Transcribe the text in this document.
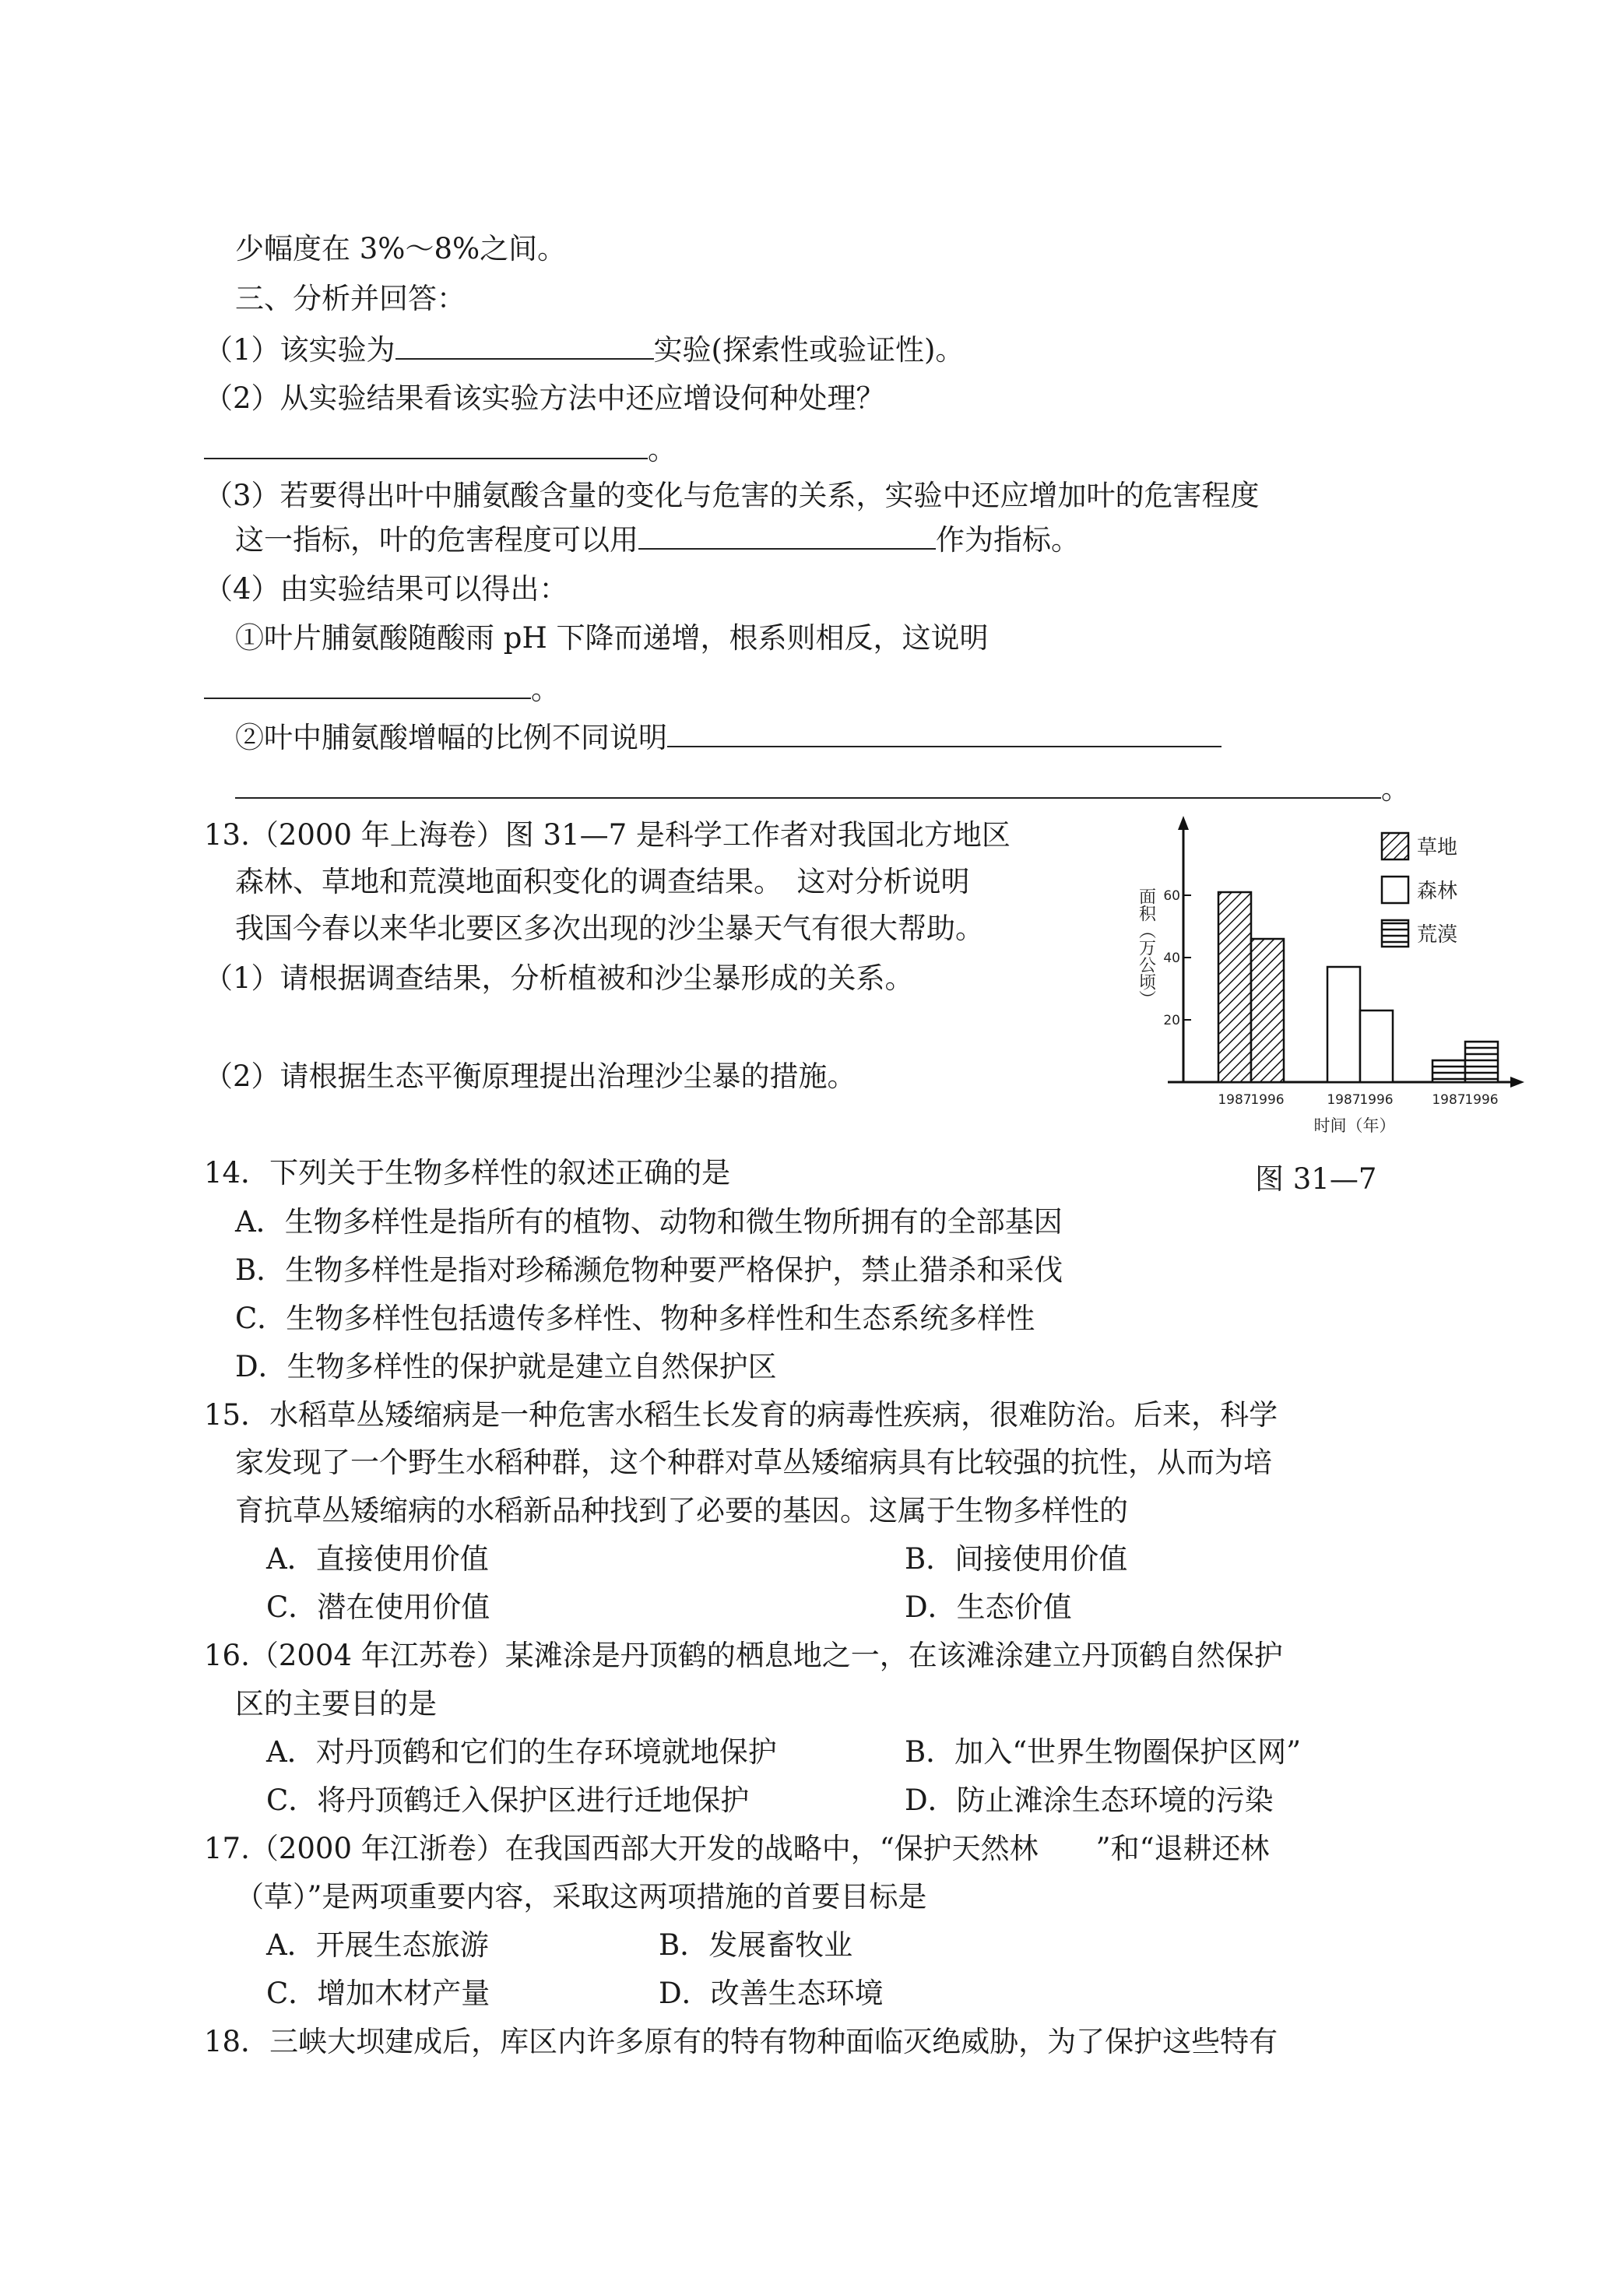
少幅度在 3%～8%之间。
三、分析并回答：
（1）该实验为	实验(探索性或验证性)。
（2）从实验结果看该实验方法中还应增设何种处理？
。
（3）若要得出叶中脯氨酸含量的变化与危害的关系，实验中还应增加叶的危害程度
这一指标，叶的危害程度可以用	作为指标。
（4）由实验结果可以得出：
①叶片脯氨酸随酸雨 pH 下降而递增，根系则相反，这说明
。
②叶中脯氨酸增幅的比例不同说明
。
13.（2000 年上海卷）图 31—7 是科学工作者对我国北方地区
森林、草地和荒漠地面积变化的调查结果。　这对分析说明
我国今春以来华北要区多次出现的沙尘暴天气有很大帮助。
（1）请根据调查结果，分析植被和沙尘暴形成的关系。
（2）请根据生态平衡原理提出治理沙尘暴的措施。
面积（万公顷）
20
40
60
1987
1996	1987
1996	1987
1996
时间（年）
草地
森林
荒漠
图 31—7
14．下列关于生物多样性的叙述正确的是
A．生物多样性是指所有的植物、动物和微生物所拥有的全部基因
B．生物多样性是指对珍稀濒危物种要严格保护，禁止猎杀和采伐
C．生物多样性包括遗传多样性、物种多样性和生态系统多样性
D．生物多样性的保护就是建立自然保护区
15．水稻草丛矮缩病是一种危害水稻生长发育的病毒性疾病，很难防治。后来，科学
家发现了一个野生水稻种群，这个种群对草丛矮缩病具有比较强的抗性，从而为培
育抗草丛矮缩病的水稻新品种找到了必要的基因。这属于生物多样性的
A．直接使用价值	B．间接使用价值
C．潜在使用价值	D．生态价值
16.（2004 年江苏卷）某滩涂是丹顶鹤的栖息地之一，在该滩涂建立丹顶鹤自然保护
区的主要目的是
A．对丹顶鹤和它们的生存环境就地保护	B．加入“世界生物圈保护区网”
C．将丹顶鹤迁入保护区进行迁地保护	D．防止滩涂生态环境的污染
17.（2000 年江浙卷）在我国西部大开发的战略中，“保护天然林　　”和“退耕还林
（草）”是两项重要内容，采取这两项措施的首要目标是
A．开展生态旅游	B．发展畜牧业
C．增加木材产量	D．改善生态环境
18．三峡大坝建成后，库区内许多原有的特有物种面临灭绝威胁，为了保护这些特有
